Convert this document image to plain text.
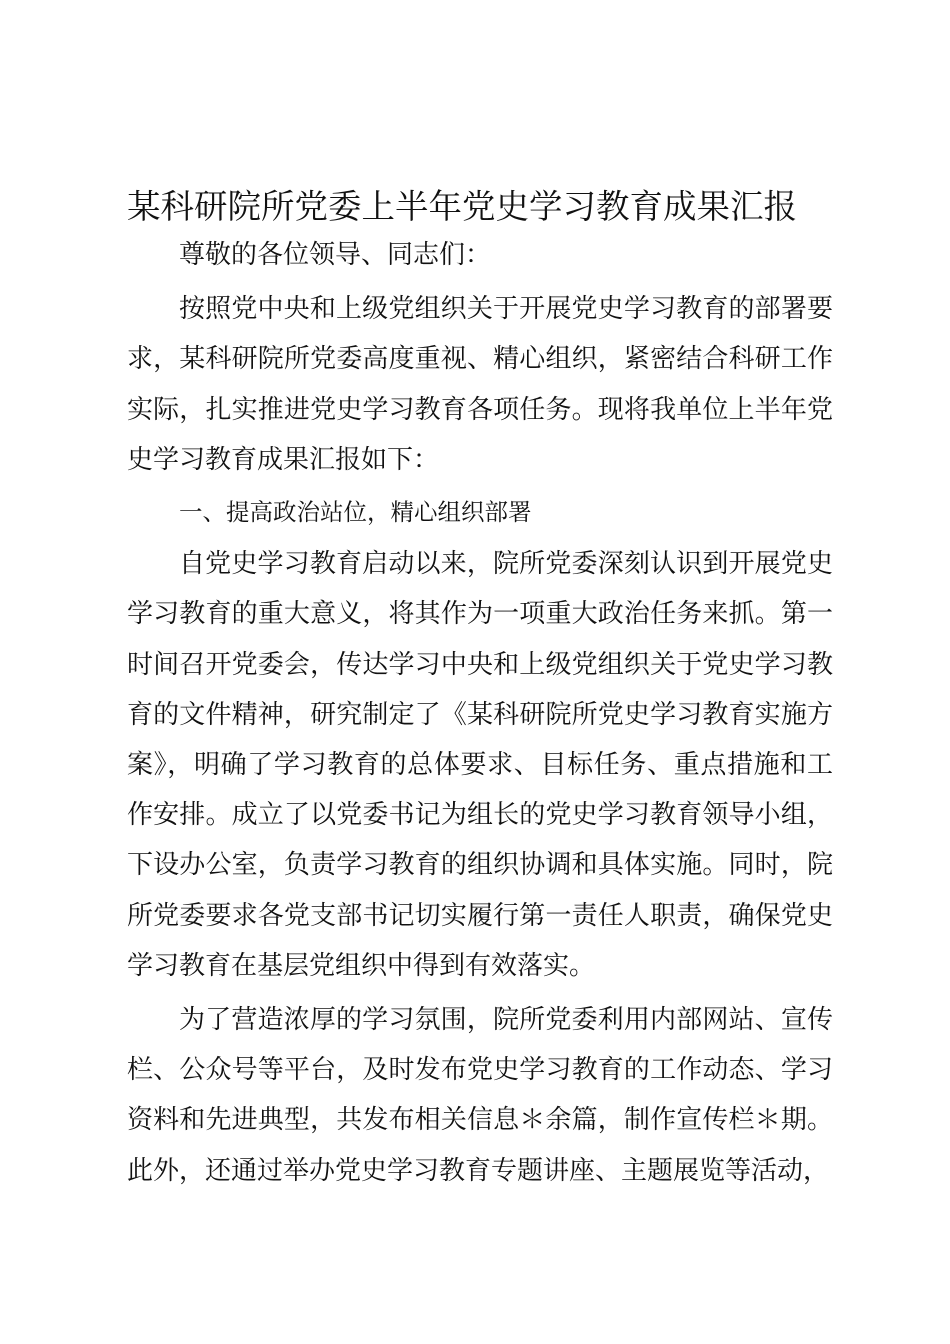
某科研院所党委上半年党史学习教育成果汇报

尊敬的各位领导、同志们：

按照党中央和上级党组织关于开展党史学习教育的部署要求，某科研院所党委高度重视、精心组织，紧密结合科研工作实际，扎实推进党史学习教育各项任务。现将我单位上半年党史学习教育成果汇报如下：

一、提高政治站位，精心组织部署

自党史学习教育启动以来，院所党委深刻认识到开展党史学习教育的重大意义，将其作为一项重大政治任务来抓。第一时间召开党委会，传达学习中央和上级党组织关于党史学习教育的文件精神，研究制定了《某科研院所党史学习教育实施方案》，明确了学习教育的总体要求、目标任务、重点措施和工作安排。成立了以党委书记为组长的党史学习教育领导小组，下设办公室，负责学习教育的组织协调和具体实施。同时，院所党委要求各党支部书记切实履行第一责任人职责，确保党史学习教育在基层党组织中得到有效落实。

为了营造浓厚的学习氛围，院所党委利用内部网站、宣传栏、公众号等平台，及时发布党史学习教育的工作动态、学习资料和先进典型，共发布相关信息＊余篇，制作宣传栏＊期。此外，还通过举办党史学习教育专题讲座、主题展览等活动，
